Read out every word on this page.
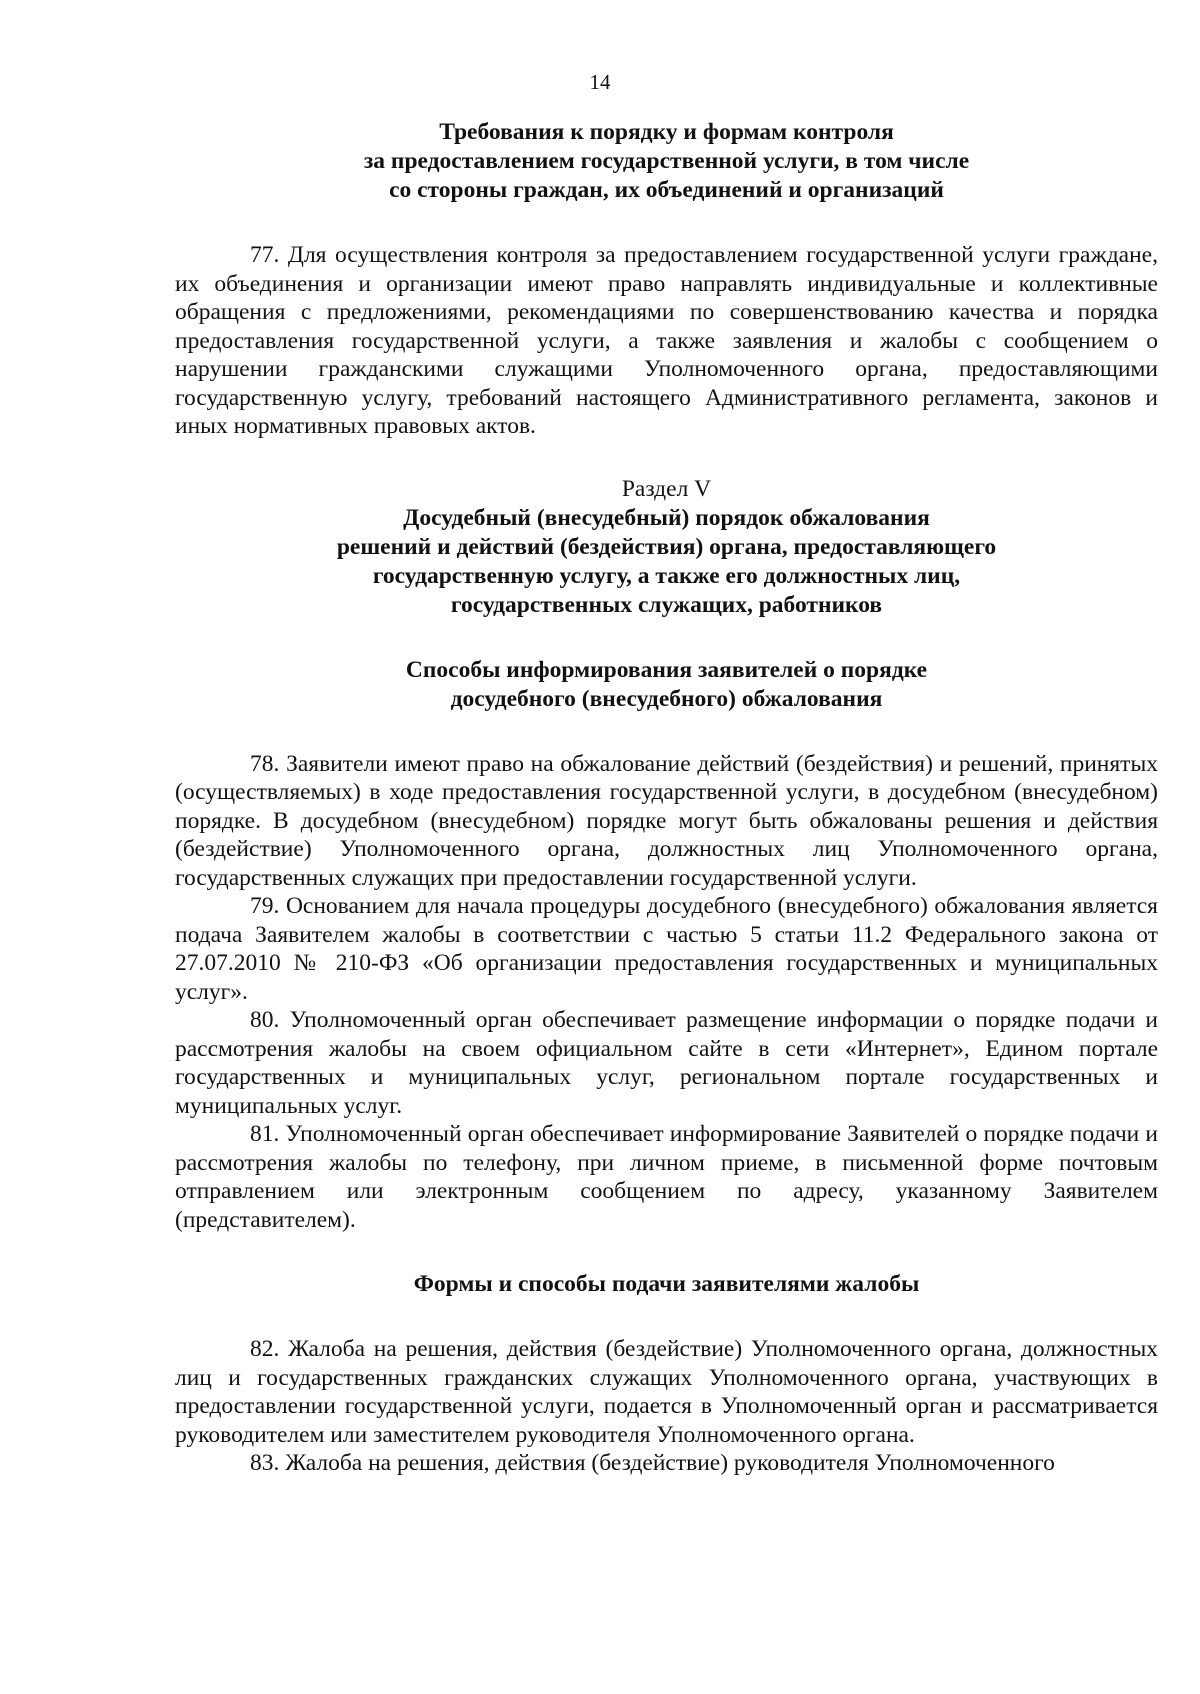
14
Требования к порядку и формам контроля
за предоставлением государственной услуги, в том числе
со стороны граждан, их объединений и организаций

77. Для осуществления контроля за предоставлением государственной услуги граждане, их объединения и организации имеют право направлять индивидуальные и коллективные обращения с предложениями, рекомендациями по совершенствованию качества и порядка предоставления государственной услуги, а также заявления и жалобы с сообщением о нарушении гражданскими служащими Уполномоченного органа, предоставляющими государственную услугу, требований настоящего Административного регламента, законов и иных нормативных правовых актов.

Раздел V

Досудебный (внесудебный) порядок обжалования
решений и действий (бездействия) органа, предоставляющего
государственную услугу, а также его должностных лиц,
государственных служащих, работников
Способы информирования заявителей о порядке
досудебного (внесудебного) обжалования

78. Заявители имеют право на обжалование действий (бездействия) и решений, принятых (осуществляемых) в ходе предоставления государственной услуги, в досудебном (внесудебном) порядке. В досудебном (внесудебном) порядке могут быть обжалованы решения и действия (бездействие) Уполномоченного органа, должностных лиц Уполномоченного органа, государственных служащих при предоставлении государственной услуги.

79. Основанием для начала процедуры досудебного (внесудебного) обжалования является подача Заявителем жалобы в соответствии с частью 5 статьи 11.2 Федерального закона от 27.07.2010 № 210-ФЗ «Об организации предоставления государственных и муниципальных услуг».

80. Уполномоченный орган обеспечивает размещение информации о порядке подачи и рассмотрения жалобы на своем официальном сайте в сети «Интернет», Едином портале государственных и муниципальных услуг, региональном портале государственных и муниципальных услуг.

81. Уполномоченный орган обеспечивает информирование Заявителей о порядке подачи и рассмотрения жалобы по телефону, при личном приеме, в письменной форме почтовым отправлением или электронным сообщением по адресу, указанному Заявителем (представителем).

Формы и способы подачи заявителями жалобы

82. Жалоба на решения, действия (бездействие) Уполномоченного органа, должностных лиц и государственных гражданских служащих Уполномоченного органа, участвующих в предоставлении государственной услуги, подается в Уполномоченный орган и рассматривается руководителем или заместителем руководителя Уполномоченного органа.

83. Жалоба на решения, действия (бездействие) руководителя Уполномоченного
